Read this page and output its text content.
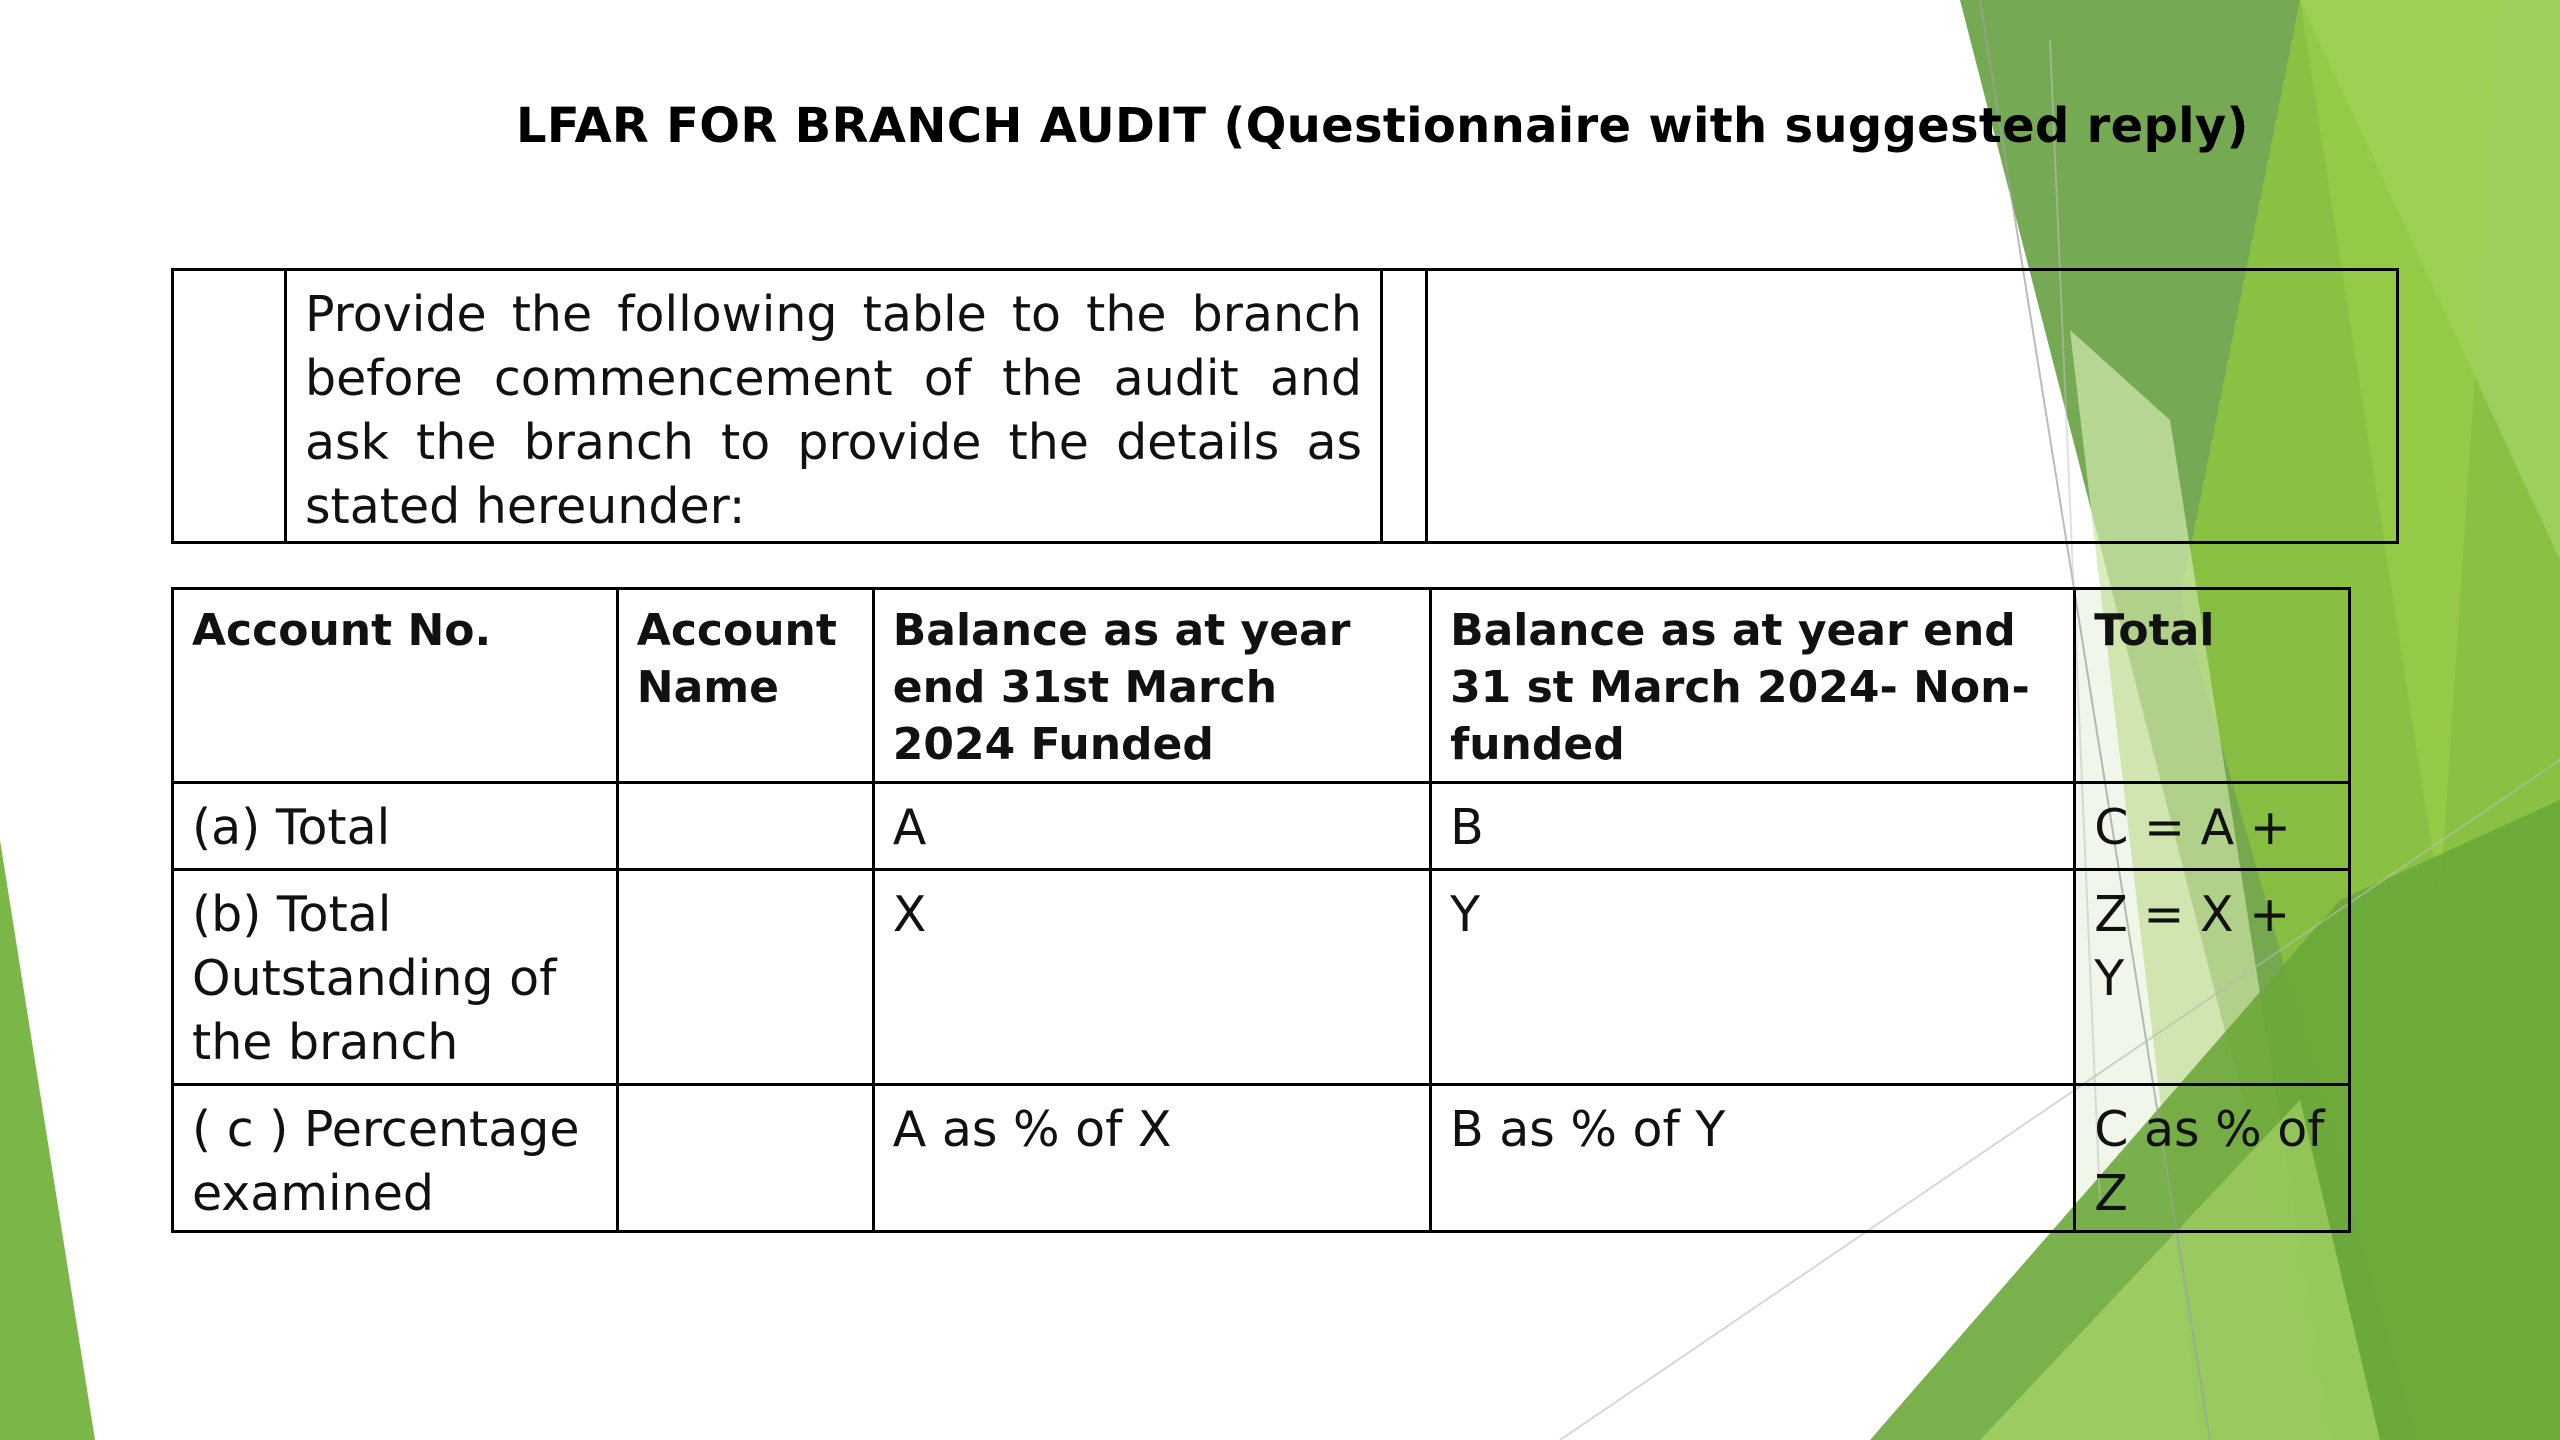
LFAR FOR BRANCH AUDIT (Questionnaire with suggested reply)

Provide the following table to the branch before commencement of the audit and ask the branch to provide the details as stated hereunder:

Account No.	Account Name	Balance as at year end 31st March 2024 Funded	Balance as at year end 31 st March 2024- Non-funded	Total
(a) Total		A	B	C = A +
(b) Total Outstanding of the branch		X	Y	Z = X + Y
( c ) Percentage examined		A as % of X	B as % of Y	C as % of Z
